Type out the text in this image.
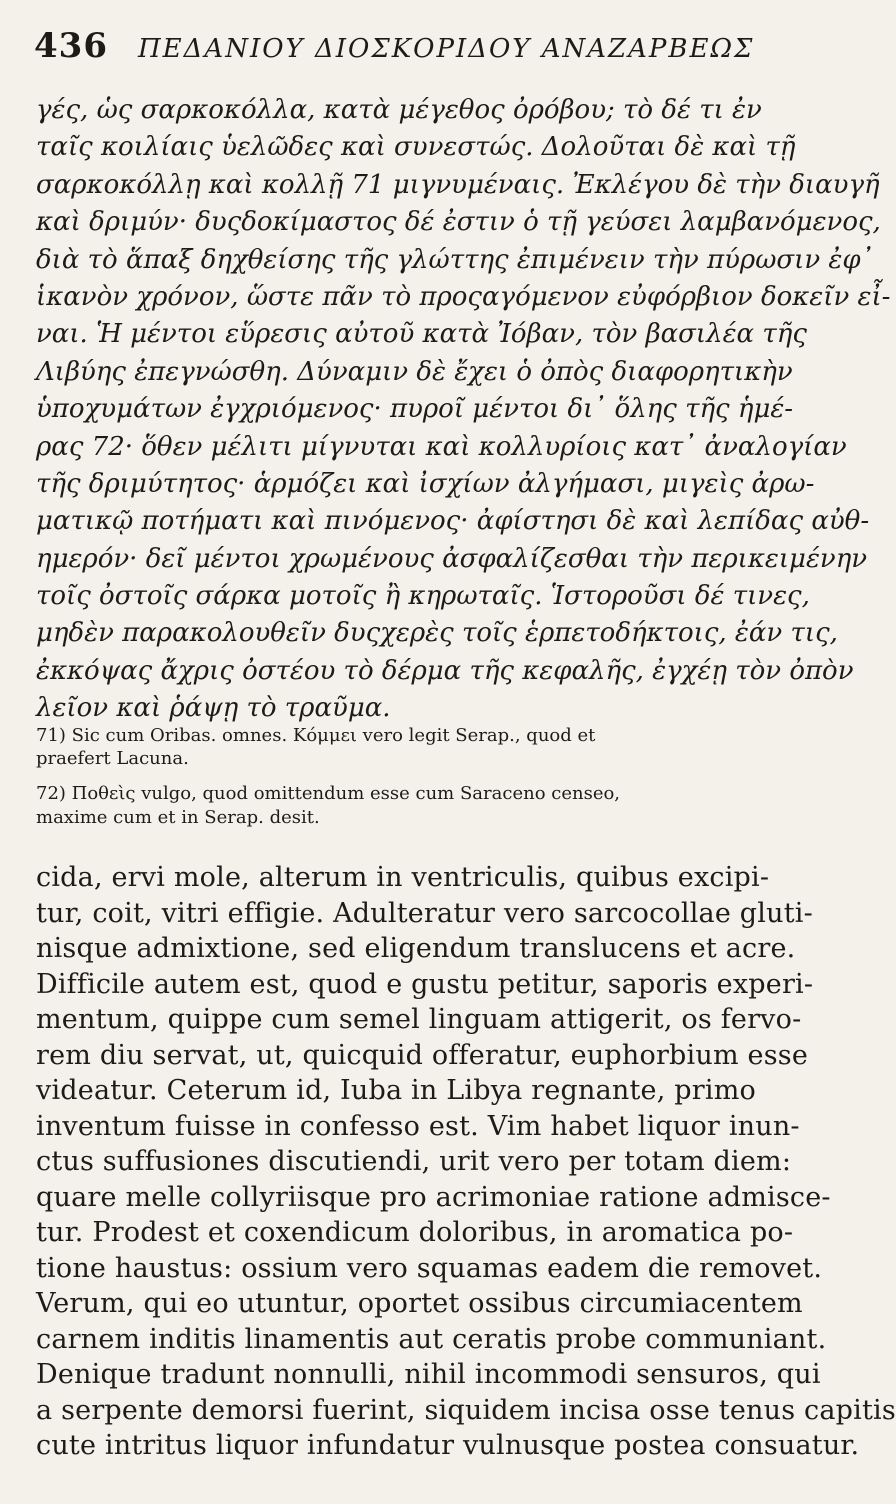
436 ΠΕΔΑΝΙΟΥ ΔΙΟΣΚΟΡΙΔΟΥ ΑΝΑΖΑΡΒΕΩΣ
γές, ὡς σαρκοκόλλα, κατὰ μέγεθος ὀρόβου; τὸ δέ τι ἐν
ταῖς κοιλίαις ὑελῶδες καὶ συνεστώς. Δολοῦται δὲ καὶ τῇ
σαρκοκόλλῃ καὶ κολλῇ 71 μιγνυμέναις. Ἐκλέγου δὲ τὴν διαυγῆ
καὶ δριμύν· δυςδοκίμαστος δέ ἐστιν ὁ τῇ γεύσει λαμβανόμενος,
διὰ τὸ ἅπαξ δηχθείσης τῆς γλώττης ἐπιμένειν τὴν πύρωσιν ἐφ᾽
ἱκανὸν χρόνον, ὥστε πᾶν τὸ προςαγόμενον εὐφόρβιον δοκεῖν εἶ-
ναι. Ἡ μέντοι εὕρεσις αὐτοῦ κατὰ Ἰόβαν, τὸν βασιλέα τῆς
Λιβύης ἐπεγνώσθη. Δύναμιν δὲ ἔχει ὁ ὀπὸς διαφορητικὴν
ὑποχυμάτων ἐγχριόμενος· πυροῖ μέντοι δι᾽ ὅλης τῆς ἡμέ-
ρας 72· ὅθεν μέλιτι μίγνυται καὶ κολλυρίοις κατ᾽ ἀναλογίαν
τῆς δριμύτητος· ἁρμόζει καὶ ἰσχίων ἀλγήμασι, μιγεὶς ἀρω-
ματικῷ ποτήματι καὶ πινόμενος· ἀφίστησι δὲ καὶ λεπίδας αὐθ-
ημερόν· δεῖ μέντοι χρωμένους ἀσφαλίζεσθαι τὴν περικειμένην
τοῖς ὀστοῖς σάρκα μοτοῖς ἢ κηρωταῖς. Ἱστοροῦσι δέ τινες,
μηδὲν παρακολουθεῖν δυςχερὲς τοῖς ἑρπετοδήκτοις, ἐάν τις,
ἐκκόψας ἄχρις ὀστέου τὸ δέρμα τῆς κεφαλῆς, ἐγχέῃ τὸν ὀπὸν
λεῖον καὶ ῥάψῃ τὸ τραῦμα.
71) Sic cum Oribas. omnes. Κόμμει vero legit Serap., quod et
praefert Lacuna.
72) Ποθεὶς vulgo, quod omittendum esse cum Saraceno censeo,
maxime cum et in Serap. desit.
cida, ervi mole, alterum in ventriculis, quibus excipi-
tur, coit, vitri effigie. Adulteratur vero sarcocollae gluti-
nisque admixtione, sed eligendum translucens et acre.
Difficile autem est, quod e gustu petitur, saporis experi-
mentum, quippe cum semel linguam attigerit, os fervo-
rem diu servat, ut, quicquid offeratur, euphorbium esse
videatur. Ceterum id, Iuba in Libya regnante, primo
inventum fuisse in confesso est. Vim habet liquor inun-
ctus suffusiones discutiendi, urit vero per totam diem:
quare melle collyriisque pro acrimoniae ratione admisce-
tur. Prodest et coxendicum doloribus, in aromatica po-
tione haustus: ossium vero squamas eadem die removet.
Verum, qui eo utuntur, oportet ossibus circumiacentem
carnem inditis linamentis aut ceratis probe communiant.
Denique tradunt nonnulli, nihil incommodi sensuros, qui
a serpente demorsi fuerint, siquidem incisa osse tenus capitis
cute intritus liquor infundatur vulnusque postea consuatur.
